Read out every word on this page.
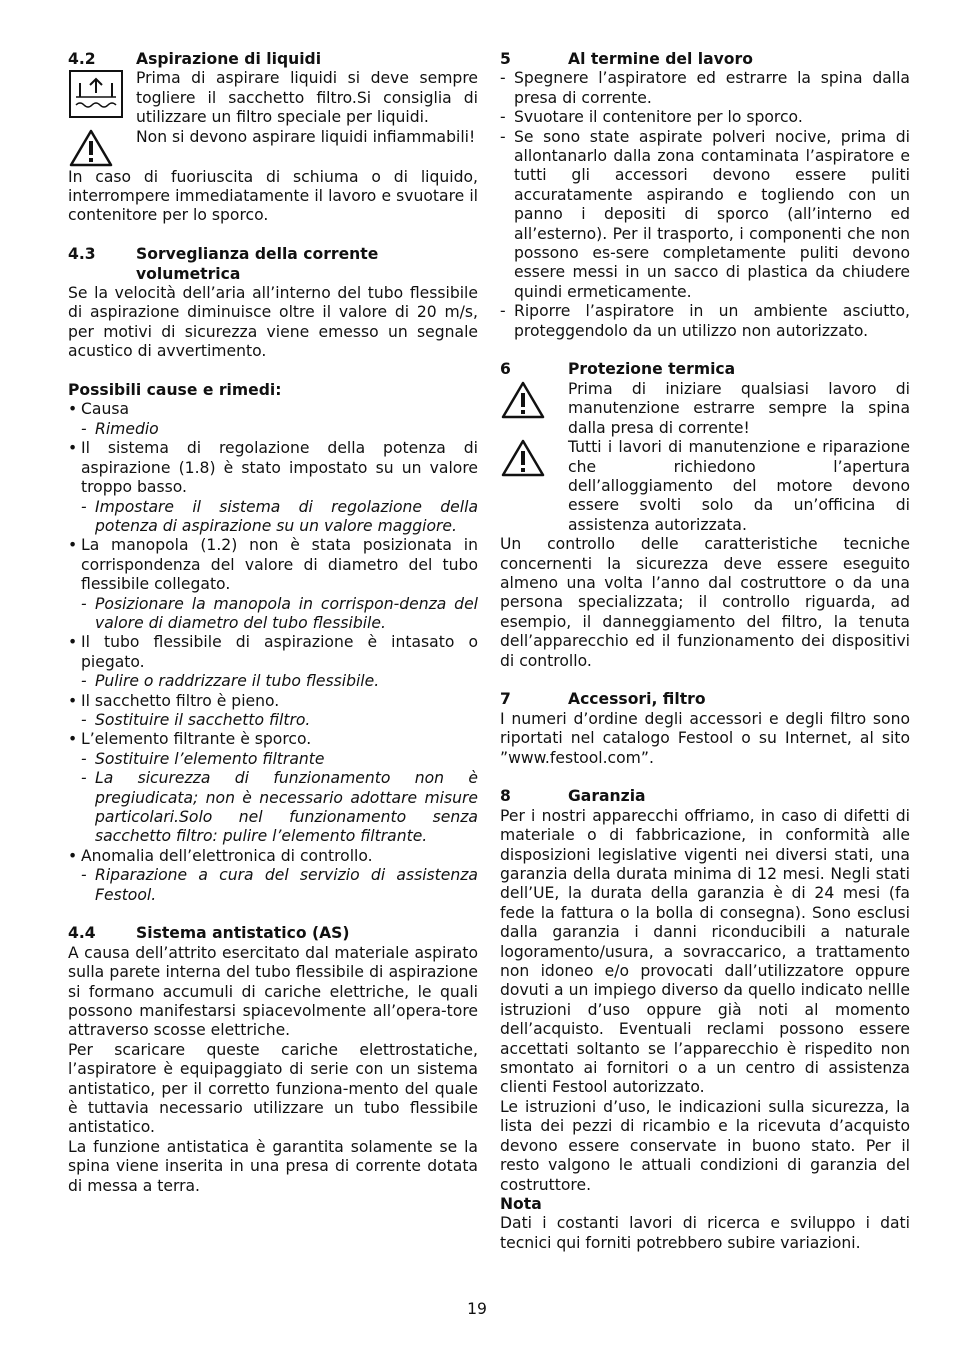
4.2	Aspirazione di liquidi

Prima di aspirare liquidi si deve sempre togliere il sacchetto filtro.Si consiglia di utilizzare un filtro speciale per liquidi.

Non si devono aspirare liquidi infiammabili!

In caso di fuoriuscita di schiuma o di liquido, interrompere immediatamente il lavoro e svuotare il contenitore per lo sporco.

4.3	Sorveglianza della corrente volumetrica

Se la velocità dell’aria all’interno del tubo flessibile di aspirazione diminuisce oltre il valore di 20 m/s, per motivi di sicurezza viene emesso un segnale acustico di avvertimento.

Possibili cause e rimedi:
• Causa
- Rimedio
• Il sistema di regolazione della potenza di aspirazione (1.8) è stato impostato su un valore troppo basso.
- Impostare il sistema di regolazione della potenza di aspirazione su un valore maggiore.
• La manopola (1.2) non è stata posizionata in corrispondenza del valore di diametro del tubo flessibile collegato.
- Posizionare la manopola in corrispon-denza del valore di diametro del tubo flessibile.
• Il tubo flessibile di aspirazione è intasato o piegato.
- Pulire o raddrizzare il tubo flessibile.
• Il sacchetto filtro è pieno.
- Sostituire il sacchetto filtro.
• L’elemento filtrante è sporco.
- Sostituire l’elemento filtrante
- La sicurezza di funzionamento non è pregiudicata; non è necessario adottare misure particolari.Solo nel funzionamento senza sacchetto filtro: pulire l’elemento filtrante.
• Anomalia dell’elettronica di controllo.
- Riparazione a cura del servizio di assistenza Festool.
4.4	Sistema antistatico (AS)

A causa dell’attrito esercitato dal materiale aspirato sulla parete interna del tubo flessibile di aspirazione si formano accumuli di cariche elettriche, le quali possono manifestarsi spiacevolmente all’opera-tore attraverso scosse elettriche.

Per scaricare queste cariche elettrostatiche, l’aspiratore è equipaggiato di serie con un sistema antistatico, per il corretto funziona-mento del quale è tuttavia necessario utilizzare un tubo flessibile antistatico.

La funzione antistatica è garantita solamente se la spina viene inserita in una presa di corrente dotata di messa a terra.

5	Al termine del lavoro
- Spegnere l’aspiratore ed estrarre la spina dalla presa di corrente.
- Svuotare il contenitore per lo sporco.
- Se sono state aspirate polveri nocive, prima di allontanarlo dalla zona contaminata l’aspiratore e tutti gli accessori devono essere puliti accuratamente aspirando e togliendo con un panno i depositi di sporco (all’interno ed all’esterno). Per il trasporto, i componenti che non possono es-sere completamente puliti devono essere messi in un sacco di plastica da chiudere quindi ermeticamente.
- Riporre l’aspiratore in un ambiente asciutto, proteggendolo da un utilizzo non autorizzato.
6	Protezione termica

Prima di iniziare qualsiasi lavoro di manutenzione estrarre sempre la spina dalla presa di corrente!

Tutti i lavori di manutenzione e riparazione che richiedono l’apertura dell’alloggiamento del motore devono essere svolti solo da un’officina di assistenza autorizzata.

Un controllo delle caratteristiche tecniche concernenti la sicurezza deve essere eseguito almeno una volta l’anno dal costruttore o da una persona specializzata; il controllo riguarda, ad esempio, il danneggiamento del filtro, la tenuta dell’apparecchio ed il funzionamento dei dispositivi di controllo.

7	Accessori, filtro

I numeri d’ordine degli accessori e degli filtro sono riportati nel catalogo Festool o su Internet, al sito ”www.festool.com”.

8	Garanzia

Per i nostri apparecchi offriamo, in caso di difetti di materiale o di fabbricazione, in conformità alle disposizioni legislative vigenti nei diversi stati, una garanzia della durata minima di 12 mesi. Negli stati dell’UE, la durata della garanzia è di 24 mesi (fa fede la fattura o la bolla di consegna). Sono esclusi dalla garanzia i danni riconducibili a naturale logoramento/usura, a sovraccarico, a trattamento non idoneo e/o provocati dall’utilizzatore oppure dovuti a un impiego diverso da quello indicato nellle istruzioni d’uso oppure già noti al momento dell’acquisto. Eventuali reclami possono essere accettati soltanto se l’apparecchio è rispedito non smontato ai fornitori o a un centro di assistenza clienti Festool autorizzato.

Le istruzioni d’uso, le indicazioni sulla sicurezza, la lista dei pezzi di ricambio e la ricevuta d’acquisto devono essere conservate in buono stato. Per il resto valgono le attuali condizioni di garanzia del costruttore.

Nota

Dati i costanti lavori di ricerca e sviluppo i dati tecnici qui forniti potrebbero subire variazioni.

19
